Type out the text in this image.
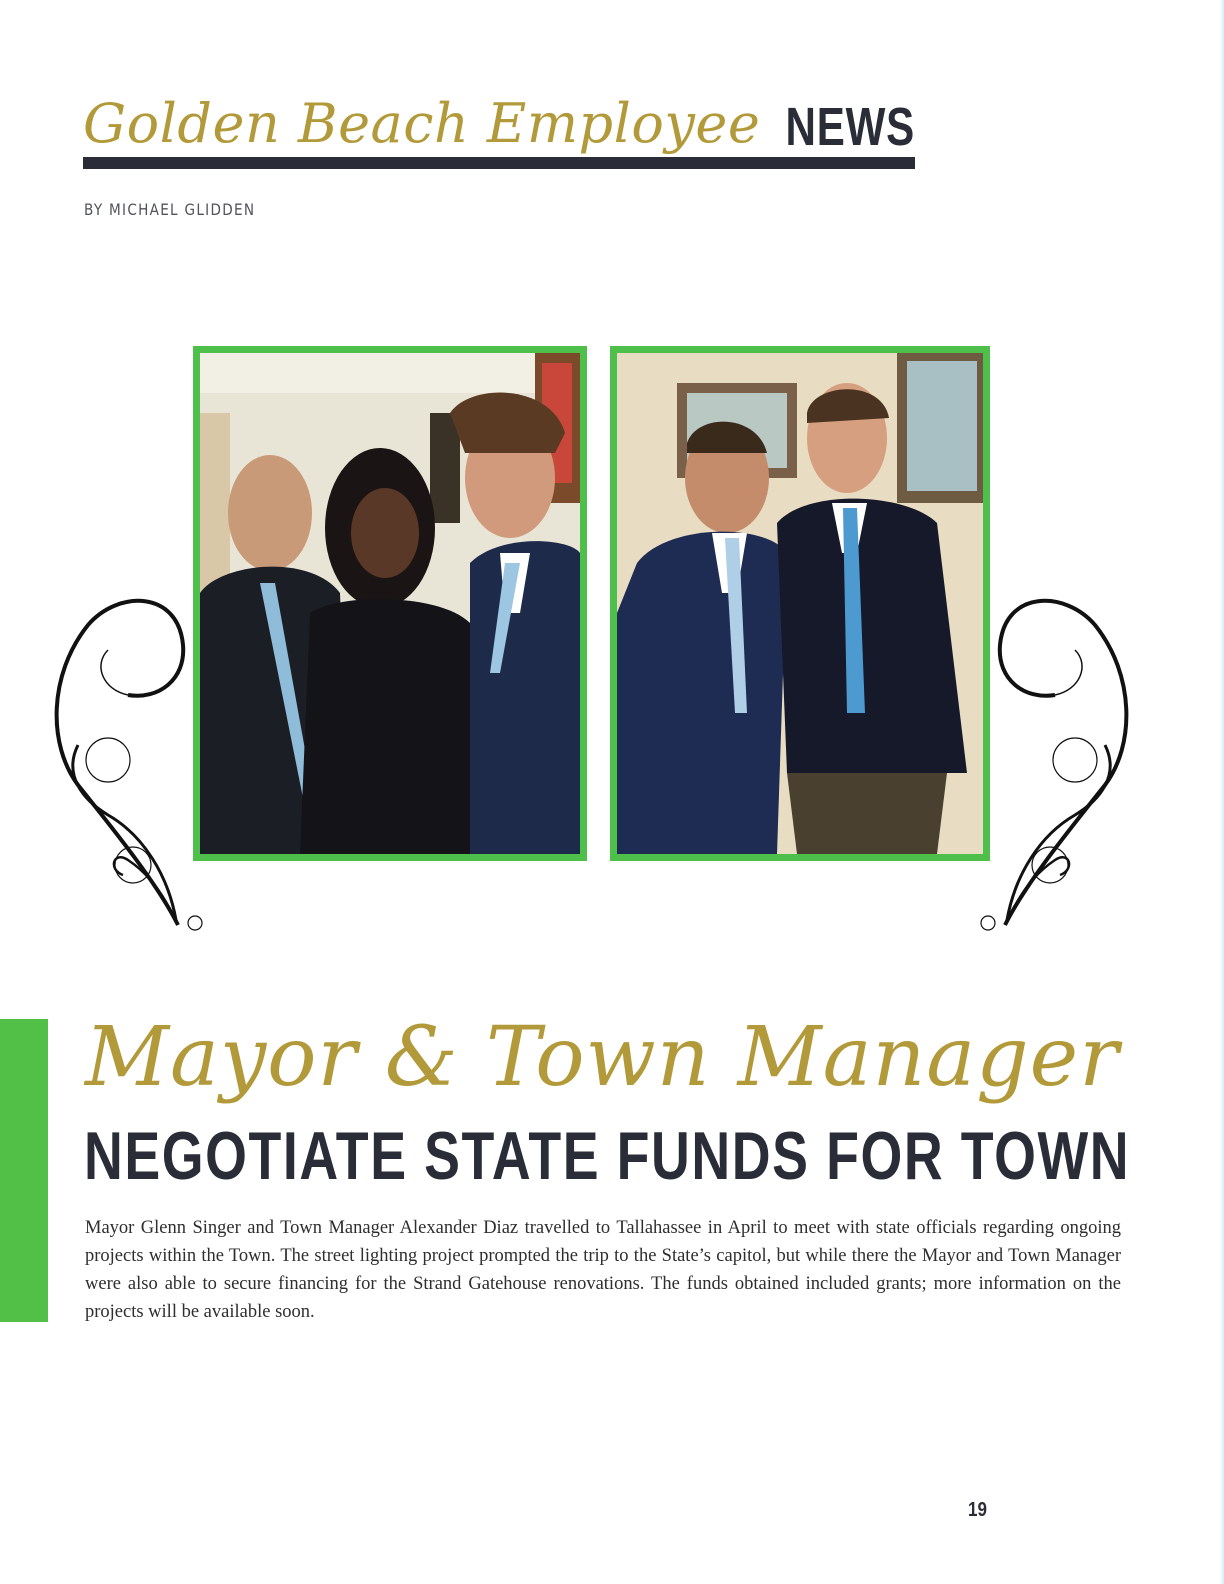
Golden Beach Employee NEWS
BY MICHAEL GLIDDEN
Mayor & Town Manager
NEGOTIATE STATE FUNDS FOR TOWN

Mayor Glenn Singer and Town Manager Alexander Diaz travelled to Tallahassee in April to meet with state officials regarding ongoing projects within the Town. The street lighting project prompted the trip to the State’s capitol, but while there the Mayor and Town Manager were also able to secure financing for the Strand Gatehouse renovations. The funds obtained included grants; more information on the projects will be available soon.

19
